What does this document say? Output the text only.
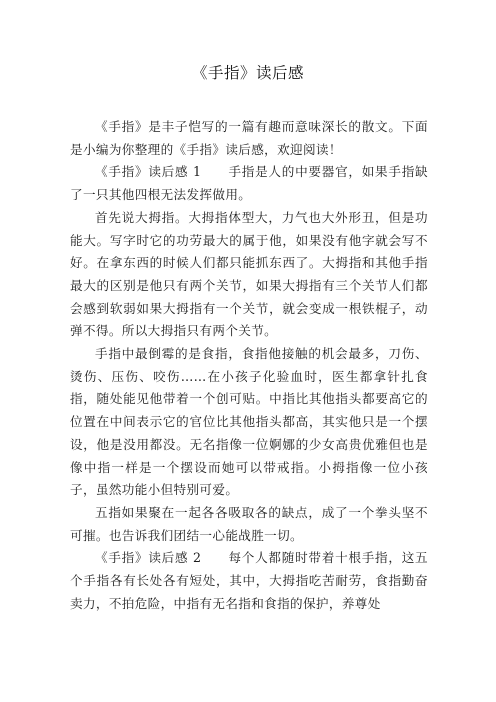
《手指》读后感

《手指》是丰子恺写的一篇有趣而意味深长的散文。下面是小编为你整理的《手指》读后感，欢迎阅读！

《手指》读后感 1　　手指是人的中要器官，如果手指缺了一只其他四根无法发挥做用。

首先说大拇指。大拇指体型大，力气也大外形丑，但是功能大。写字时它的功劳最大的属于他，如果没有他字就会写不好。在拿东西的时候人们都只能抓东西了。大拇指和其他手指最大的区别是他只有两个关节，如果大拇指有三个关节人们都会感到软弱如果大拇指有一个关节，就会变成一根铁棍子，动弹不得。所以大拇指只有两个关节。

手指中最倒霉的是食指，食指他接触的机会最多，刀伤、烫伤、压伤、咬伤……在小孩子化验血时，医生都拿针扎食指，随处能见他带着一个创可贴。中指比其他指头都要高它的位置在中间表示它的官位比其他指头都高，其实他只是一个摆设，他是没用都没。无名指像一位婀娜的少女高贵优雅但也是像中指一样是一个摆设而她可以带戒指。小拇指像一位小孩子，虽然功能小但特别可爱。

五指如果聚在一起各各吸取各的缺点，成了一个拳头坚不可摧。也告诉我们团结一心能战胜一切。

《手指》读后感 2　　每个人都随时带着十根手指，这五个手指各有长处各有短处，其中，大拇指吃苦耐劳，食指勤奋卖力，不拍危险，中指有无名指和食指的保护，养尊处
